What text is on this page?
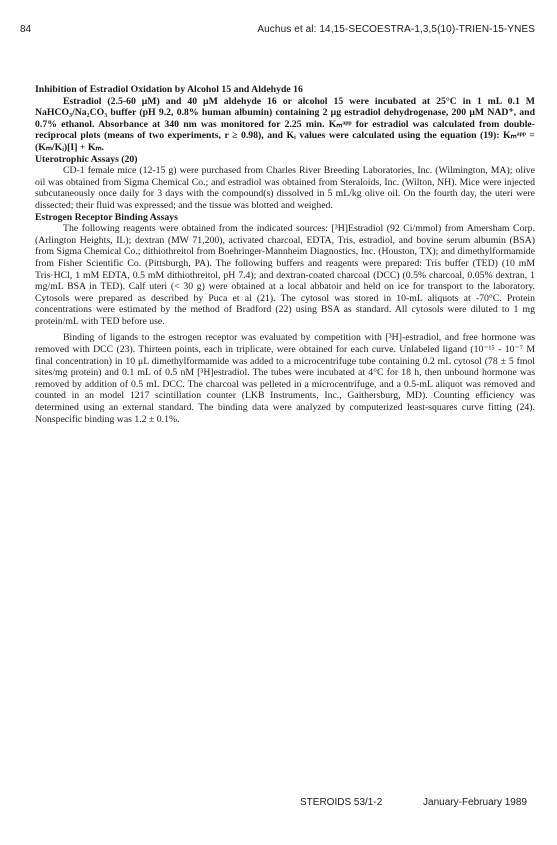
84	Auchus et al: 14,15-SECOESTRA-1,3,5(10)-TRIEN-15-YNES

Inhibition of Estradiol Oxidation by Alcohol 15 and Aldehyde 16

Estradiol (2.5-60 μM) and 40 μM aldehyde 16 or alcohol 15 were incubated at 25°C in 1 mL 0.1 M NaHCO₃/Na₂CO₃ buffer (pH 9.2, 0.8% human albumin) containing 2 μg estradiol dehydrogenase, 200 μM NAD⁺, and 0.7% ethanol. Absorbance at 340 nm was monitored for 2.25 min. Kₘᵃᵖᵖ for estradiol was calculated from double-reciprocal plots (means of two experiments, r ≥ 0.98), and Kᵢ values were calculated using the equation (19): Kₘᵃᵖᵖ = (Kₘ/Kᵢ)[I] + Kₘ.

Uterotrophic Assays (20)

CD-1 female mice (12-15 g) were purchased from Charles River Breeding Laboratories, Inc. (Wilmington, MA); olive oil was obtained from Sigma Chemical Co.; and estradiol was obtained from Steraloids, Inc. (Wilton, NH). Mice were injected subcutaneously once daily for 3 days with the compound(s) dissolved in 5 mL/kg olive oil. On the fourth day, the uteri were dissected; their fluid was expressed; and the tissue was blotted and weighed.

Estrogen Receptor Binding Assays

The following reagents were obtained from the indicated sources: [³H]Estradiol (92 Ci/mmol) from Amersham Corp. (Arlington Heights, IL); dextran (MW 71,200), activated charcoal, EDTA, Tris, estradiol, and bovine serum albumin (BSA) from Sigma Chemical Co.; dithiothreitol from Boehringer-Mannheim Diagnostics, Inc. (Houston, TX); and dimethylformamide from Fisher Scientific Co. (Pittsburgh, PA). The following buffers and reagents were prepared: Tris buffer (TED) (10 mM Tris·HCl, 1 mM EDTA, 0.5 mM dithiothreitol, pH 7.4); and dextran-coated charcoal (DCC) (0.5% charcoal, 0.05% dextran, 1 mg/mL BSA in TED). Calf uteri (< 30 g) were obtained at a local abbatoir and held on ice for transport to the laboratory. Cytosols were prepared as described by Puca et al (21). The cytosol was stored in 10-mL aliquots at -70°C. Protein concentrations were estimated by the method of Bradford (22) using BSA as standard. All cytosols were diluted to 1 mg protein/mL with TED before use.

Binding of ligands to the estrogen receptor was evaluated by competition with [³H]-estradiol, and free hormone was removed with DCC (23). Thirteen points, each in triplicate, were obtained for each curve. Unlabeled ligand (10⁻¹⁵ - 10⁻⁷ M final concentration) in 10 μL dimethylformamide was added to a microcentrifuge tube containing 0.2 mL cytosol (78 ± 5 fmol sites/mg protein) and 0.1 mL of 0.5 nM [³H]estradiol. The tubes were incubated at 4°C for 18 h, then unbound hormone was removed by addition of 0.5 mL DCC. The charcoal was pelleted in a microcentrifuge, and a 0.5-mL aliquot was removed and counted in an model 1217 scintillation counter (LKB Instruments, Inc., Gaithersburg, MD). Counting efficiency was determined using an external standard. The binding data were analyzed by computerized least-squares curve fitting (24). Nonspecific binding was 1.2 ± 0.1%.

STEROIDS 53/1-2	January-February 1989
